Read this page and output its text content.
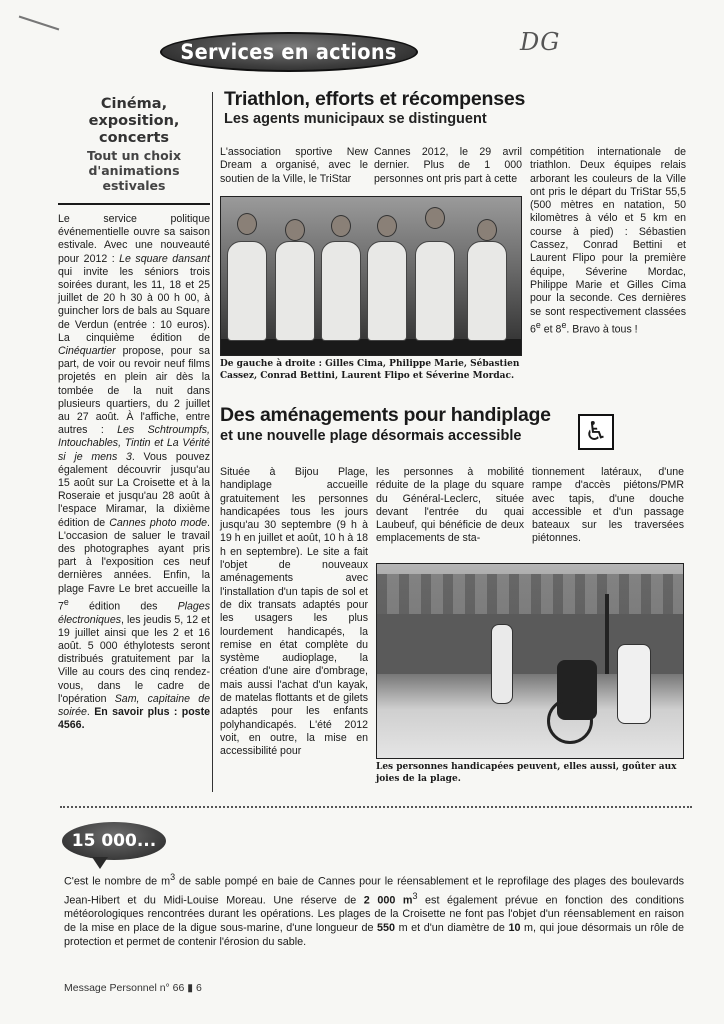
DG
Services en actions
Cinéma, exposition, concerts
Tout un choix d'animations estivales
Le service politique événementielle ouvre sa saison estivale. Avec une nouveauté pour 2012 : Le square dansant qui invite les séniors trois soirées durant, les 11, 18 et 25 juillet de 20 h 30 à 00 h 00, à guincher lors de bals au Square de Verdun (entrée : 10 euros). La cinquième édition de Cinéquartier propose, pour sa part, de voir ou revoir neuf films projetés en plein air dès la tombée de la nuit dans plusieurs quartiers, du 2 juillet au 27 août. À l'affiche, entre autres : Les Schtroumpfs, Intouchables, Tintin et La Vérité si je mens 3. Vous pouvez également découvrir jusqu'au 15 août sur La Croisette et à la Roseraie et jusqu'au 28 août à l'espace Miramar, la dixième édition de Cannes photo mode. L'occasion de saluer le travail des photographes ayant pris part à l'exposition ces neuf dernières années. Enfin, la plage Favre Le bret accueille la 7e édition des Plages électroniques, les jeudis 5, 12 et 19 juillet ainsi que les 2 et 16 août. 5 000 éthylotests seront distribués gratuitement par la Ville au cours des cinq rendez-vous, dans le cadre de l'opération Sam, capitaine de soirée. En savoir plus : poste 4566.
Triathlon, efforts et récompenses
Les agents municipaux se distinguent
L'association sportive New Dream a organisé, avec le soutien de la Ville, le TriStar
Cannes 2012, le 29 avril dernier. Plus de 1 000 personnes ont pris part à cette
compétition internationale de triathlon. Deux équipes relais arborant les couleurs de la Ville ont pris le départ du TriStar 55,5 (500 mètres en natation, 50 kilomètres à vélo et 5 km en course à pied) : Sébastien Cassez, Conrad Bettini et Laurent Flipo pour la première équipe, Séverine Mordac, Philippe Marie et Gilles Cima pour la seconde. Ces dernières se sont respectivement classées 6e et 8e. Bravo à tous !
De gauche à droite : Gilles Cima, Philippe Marie, Sébastien Cassez, Conrad Bettini, Laurent Flipo et Séverine Mordac.
Des aménagements pour handiplage
et une nouvelle plage désormais accessible	♿
Située à Bijou Plage, handiplage accueille gratuitement les personnes handicapées tous les jours jusqu'au 30 septembre (9 h à 19 h en juillet et août, 10 h à 18 h en septembre). Le site a fait l'objet de nouveaux aménagements avec l'installation d'un tapis de sol et de dix transats adaptés pour les usagers les plus lourdement handicapés, la remise en état complète du système audioplage, la création d'une aire d'ombrage, mais aussi l'achat d'un kayak, de matelas flottants et de gilets adaptés pour les enfants polyhandicapés. L'été 2012 voit, en outre, la mise en accessibilité pour
les personnes à mobilité réduite de la plage du square du Général-Leclerc, située devant l'entrée du quai Laubeuf, qui bénéficie de deux emplacements de sta-
tionnement latéraux, d'une rampe d'accès piétons/PMR avec tapis, d'une douche accessible et d'un passage bateaux sur les traversées piétonnes.
Les personnes handicapées peuvent, elles aussi, goûter aux joies de la plage.
15 000...
C'est le nombre de $m^3$ de sable pompé en baie de Cannes pour le réensablement et le reprofilage des plages des boulevards Jean-Hibert et du Midi-Louise Moreau. Une réserve de 2 000 $m^3$ est également prévue en fonction des conditions météorologiques rencontrées durant les opérations. Les plages de la Croisette ne font pas l'objet d'un réensablement en raison de la mise en place de la digue sous-marine, d'une longueur de 550 m et d'un diamètre de 10 m, qui joue désormais un rôle de protection et permet de contenir l'érosion du sable.
Message Personnel n° 66 ▮ 6
